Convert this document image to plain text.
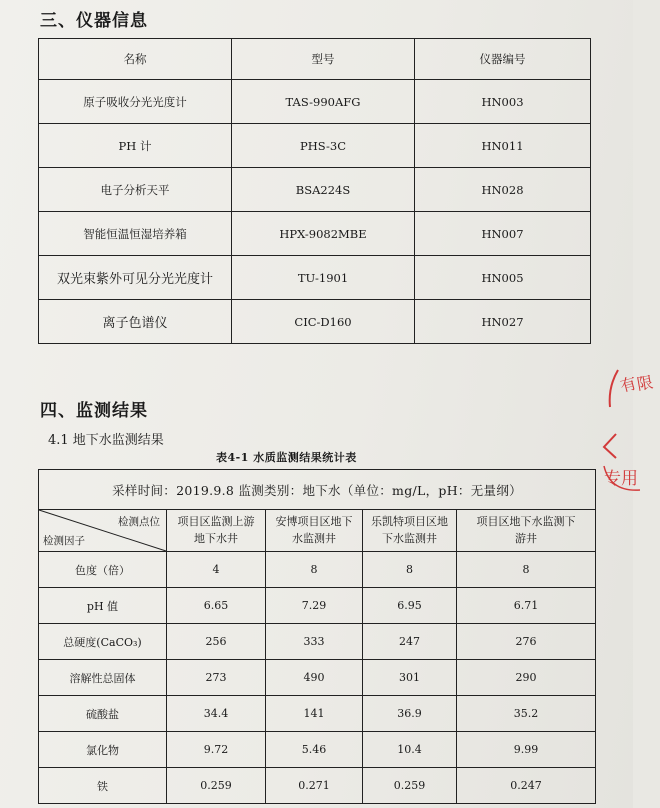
三、仪器信息
名称	型号	仪器编号
原子吸收分光光度计	TAS-990AFG	HN003
PH 计	PHS-3C	HN011
电子分析天平	BSA224S	HN028
智能恒温恒湿培养箱	HPX-9082MBE	HN007
双光束紫外可见分光光度计	TU-1901	HN005
离子色谱仪	CIC-D160	HN027
四、监测结果
4.1 地下水监测结果
表4-1 水质监测结果统计表
采样时间：2019.9.8 监测类别：地下水（单位：mg/L，pH：无量纲）				

检测点位
检测因子	项目区监测上游地下水井	安博项目区地下水监测井	乐凯特项目区地下水监测井	项目区地下水监测下游井
色度（倍）	4	8	8	8
pH 值	6.65	7.29	6.95	6.71
总硬度(CaCO₃)	256	333	247	276
溶解性总固体	273	490	301	290
硫酸盐	34.4	141	36.9	35.2
氯化物	9.72	5.46	10.4	9.99
铁	0.259	0.271	0.259	0.247
有
限
专用
